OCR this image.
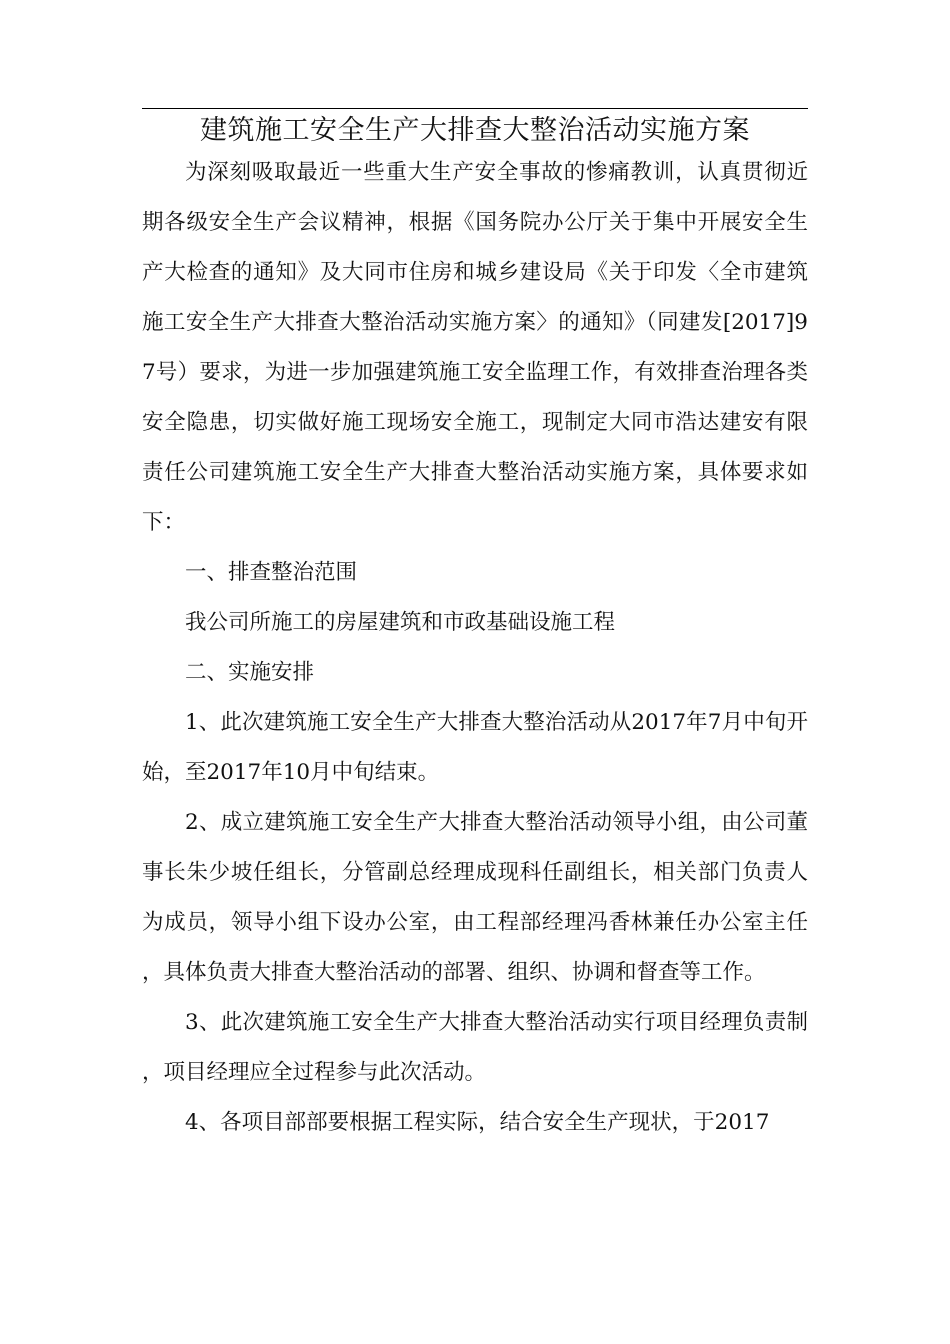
建筑施工安全生产大排查大整治活动实施方案

为深刻吸取最近一些重大生产安全事故的惨痛教训，认真贯彻近期各级安全生产会议精神，根据《国务院办公厅关于集中开展安全生产大检查的通知》及大同市住房和城乡建设局《关于印发〈全市建筑施工安全生产大排查大整治活动实施方案〉的通知》（同建发[2017]97号）要求，为进一步加强建筑施工安全监理工作，有效排查治理各类安全隐患，切实做好施工现场安全施工，现制定大同市浩达建安有限责任公司建筑施工安全生产大排查大整治活动实施方案，具体要求如下：

一、排查整治范围

我公司所施工的房屋建筑和市政基础设施工程

二、实施安排

1、此次建筑施工安全生产大排查大整治活动从2017年7月中旬开始，至2017年10月中旬结束。

2、成立建筑施工安全生产大排查大整治活动领导小组，由公司董事长朱少坡任组长，分管副总经理成现科任副组长，相关部门负责人为成员，领导小组下设办公室，由工程部经理冯香林兼任办公室主任，具体负责大排查大整治活动的部署、组织、协调和督查等工作。

3、此次建筑施工安全生产大排查大整治活动实行项目经理负责制，项目经理应全过程参与此次活动。

4、各项目部部要根据工程实际，结合安全生产现状，于2017
